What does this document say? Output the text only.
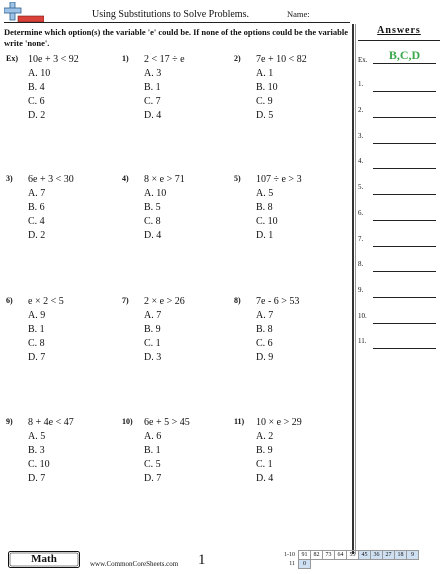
Using Substitutions to Solve Problems.	Name:
Determine which option(s) the variable 'e' could be. If none of the options could be the variable write 'none'.
Ex) 10e + 3 < 92
A. 10
B. 4
C. 6
D. 2
1) 2 < 17 ÷ e
A. 3
B. 1
C. 7
D. 4
2) 7e + 10 < 82
A. 1
B. 10
C. 9
D. 5
3) 6e + 3 < 30
A. 7
B. 6
C. 4
D. 2
4) 8 × e > 71
A. 10
B. 5
C. 8
D. 4
5) 107 ÷ e > 3
A. 5
B. 8
C. 10
D. 1
6) e × 2 < 5
A. 9
B. 1
C. 8
D. 7
7) 2 × e > 26
A. 7
B. 9
C. 1
D. 3
8) 7e - 6 > 53
A. 7
B. 8
C. 6
D. 9
9) 8 + 4e < 47
A. 5
B. 3
C. 10
D. 7
10) 6e + 5 > 45
A. 6
B. 1
C. 5
D. 7
11) 10 × e > 29
A. 2
B. 9
C. 1
D. 4
Answers
Ex.	B,C,D
1.
2.
3.
4.
5.
6.
7.
8.
9.
10.
11.
Math	www.CommonCoreSheets.com 1	1-10	91	82	73	64	55	45	36	27	18	9
11	0									
